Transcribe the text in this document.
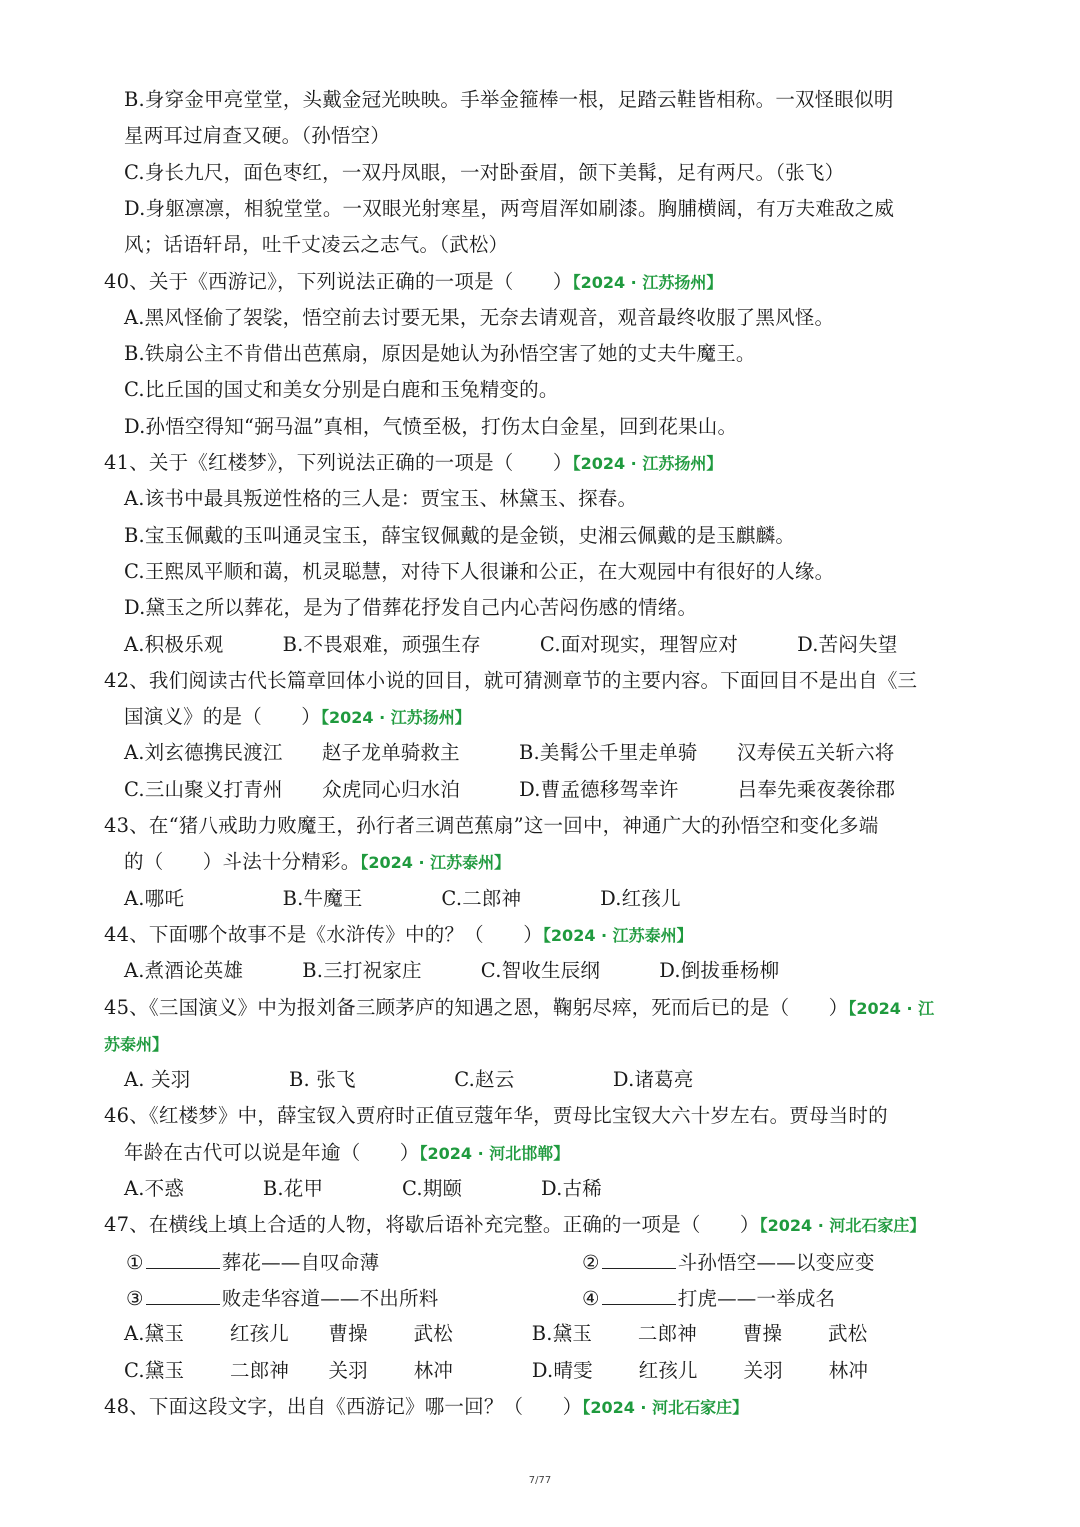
B.身穿金甲亮堂堂，头戴金冠光映映。手举金箍棒一根，足踏云鞋皆相称。一双怪眼似明
星两耳过肩查又硬。（孙悟空）
C.身长九尺，面色枣红，一双丹凤眼，一对卧蚕眉，颌下美髯，足有两尺。（张飞）
D.身躯凛凛，相貌堂堂。一双眼光射寒星，两弯眉浑如刷漆。胸脯横阔，有万夫难敌之威
风；话语轩昂，吐千丈凌云之志气。（武松）
40、关于《西游记》，下列说法正确的一项是（　　）【2024 · 江苏扬州】
A.黑风怪偷了袈裟，悟空前去讨要无果，无奈去请观音，观音最终收服了黑风怪。
B.铁扇公主不肯借出芭蕉扇，原因是她认为孙悟空害了她的丈夫牛魔王。
C.比丘国的国丈和美女分别是白鹿和玉兔精变的。
D.孙悟空得知“弼马温”真相，气愤至极，打伤太白金星，回到花果山。
41、关于《红楼梦》，下列说法正确的一项是（　　）【2024 · 江苏扬州】
A.该书中最具叛逆性格的三人是：贾宝玉、林黛玉、探春。
B.宝玉佩戴的玉叫通灵宝玉，薛宝钗佩戴的是金锁，史湘云佩戴的是玉麒麟。
C.王熙凤平顺和蔼，机灵聪慧，对待下人很谦和公正，在大观园中有很好的人缘。
D.黛玉之所以葬花，是为了借葬花抒发自己内心苦闷伤感的情绪。
A.积极乐观　　　B.不畏艰难，顽强生存　　　C.面对现实，理智应对　　　D.苦闷失望
42、我们阅读古代长篇章回体小说的回目，就可猜测章节的主要内容。下面回目不是出自《三
国演义》的是（　　）【2024 · 江苏扬州】
A.刘玄德携民渡江　　赵子龙单骑救主　　　B.美髯公千里走单骑　　汉寿侯五关斩六将
C.三山聚义打青州　　众虎同心归水泊　　　D.曹孟德移驾幸许　　　吕奉先乘夜袭徐郡
43、在“猪八戒助力败魔王，孙行者三调芭蕉扇”这一回中，神通广大的孙悟空和变化多端
的（　　）斗法十分精彩。【2024 · 江苏泰州】
A.哪吒　　　　　B.牛魔王　　　　C.二郎神　　　　D.红孩儿
44、下面哪个故事不是《水浒传》中的？（　　）【2024 · 江苏泰州】
A.煮酒论英雄　　　B.三打祝家庄　　　C.智收生辰纲　　　D.倒拔垂杨柳
45、《三国演义》中为报刘备三顾茅庐的知遇之恩，鞠躬尽瘁，死而后已的是（　　）【2024 · 江
苏泰州】
A. 关羽　　　　　B. 张飞　　　　　C.赵云　　　　　D.诸葛亮
46、《红楼梦》中，薛宝钗入贾府时正值豆蔻年华，贾母比宝钗大六十岁左右。贾母当时的
年龄在古代可以说是年逾（　　）【2024 · 河北邯郸】
A.不惑　　　　B.花甲　　　　C.期颐　　　　D.古稀
47、在横线上填上合适的人物，将歇后语补充完整。正确的一项是（　　）【2024 · 河北石家庄】
A.黛玉　　 红孩儿　　曹操　　 武松　　　　B.黛玉　　 二郎神　　 曹操　　 武松
C.黛玉　　 二郎神　　关羽　　 林冲　　　　D.晴雯　　 红孩儿　　 关羽　　 林冲
48、下面这段文字，出自《西游记》哪一回？（　　）【2024 · 河北石家庄】
①	葬花——自叹命薄	②	斗孙悟空——以变应变
③	败走华容道——不出所料	④	打虎——一举成名
7/77
